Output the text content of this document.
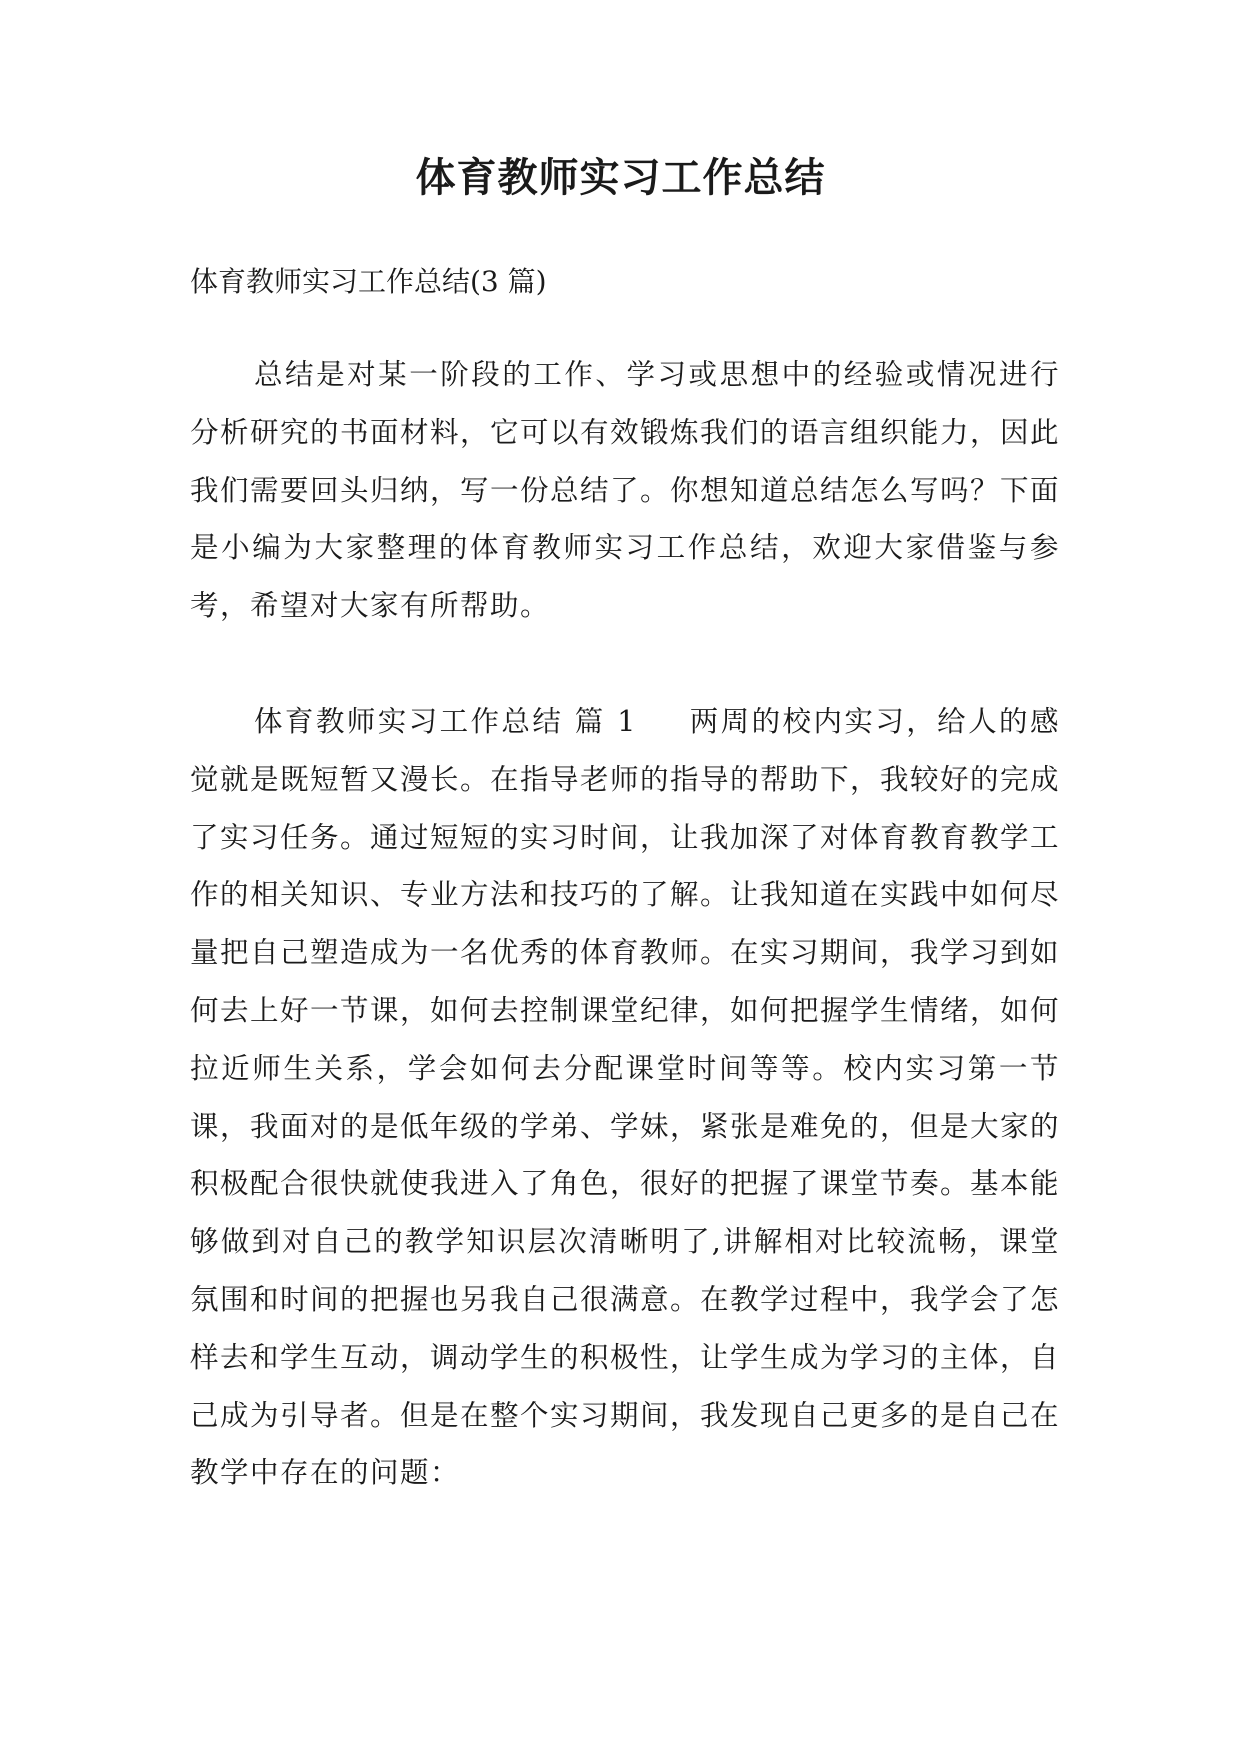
体育教师实习工作总结

体育教师实习工作总结(3 篇)

总结是对某一阶段的工作、学习或思想中的经验或情况进行分析研究的书面材料，它可以有效锻炼我们的语言组织能力，因此我们需要回头归纳，写一份总结了。你想知道总结怎么写吗？下面是小编为大家整理的体育教师实习工作总结，欢迎大家借鉴与参考，希望对大家有所帮助。

体育教师实习工作总结 篇 1 两周的校内实习，给人的感觉就是既短暂又漫长。在指导老师的指导的帮助下，我较好的完成了实习任务。通过短短的实习时间，让我加深了对体育教育教学工作的相关知识、专业方法和技巧的了解。让我知道在实践中如何尽量把自己塑造成为一名优秀的体育教师。在实习期间，我学习到如何去上好一节课，如何去控制课堂纪律，如何把握学生情绪，如何拉近师生关系，学会如何去分配课堂时间等等。校内实习第一节课，我面对的是低年级的学弟、学妹，紧张是难免的，但是大家的积极配合很快就使我进入了角色，很好的把握了课堂节奏。基本能够做到对自己的教学知识层次清晰明了,讲解相对比较流畅，课堂氛围和时间的把握也另我自己很满意。在教学过程中，我学会了怎样去和学生互动，调动学生的积极性，让学生成为学习的主体，自己成为引导者。但是在整个实习期间，我发现自己更多的是自己在教学中存在的问题：
